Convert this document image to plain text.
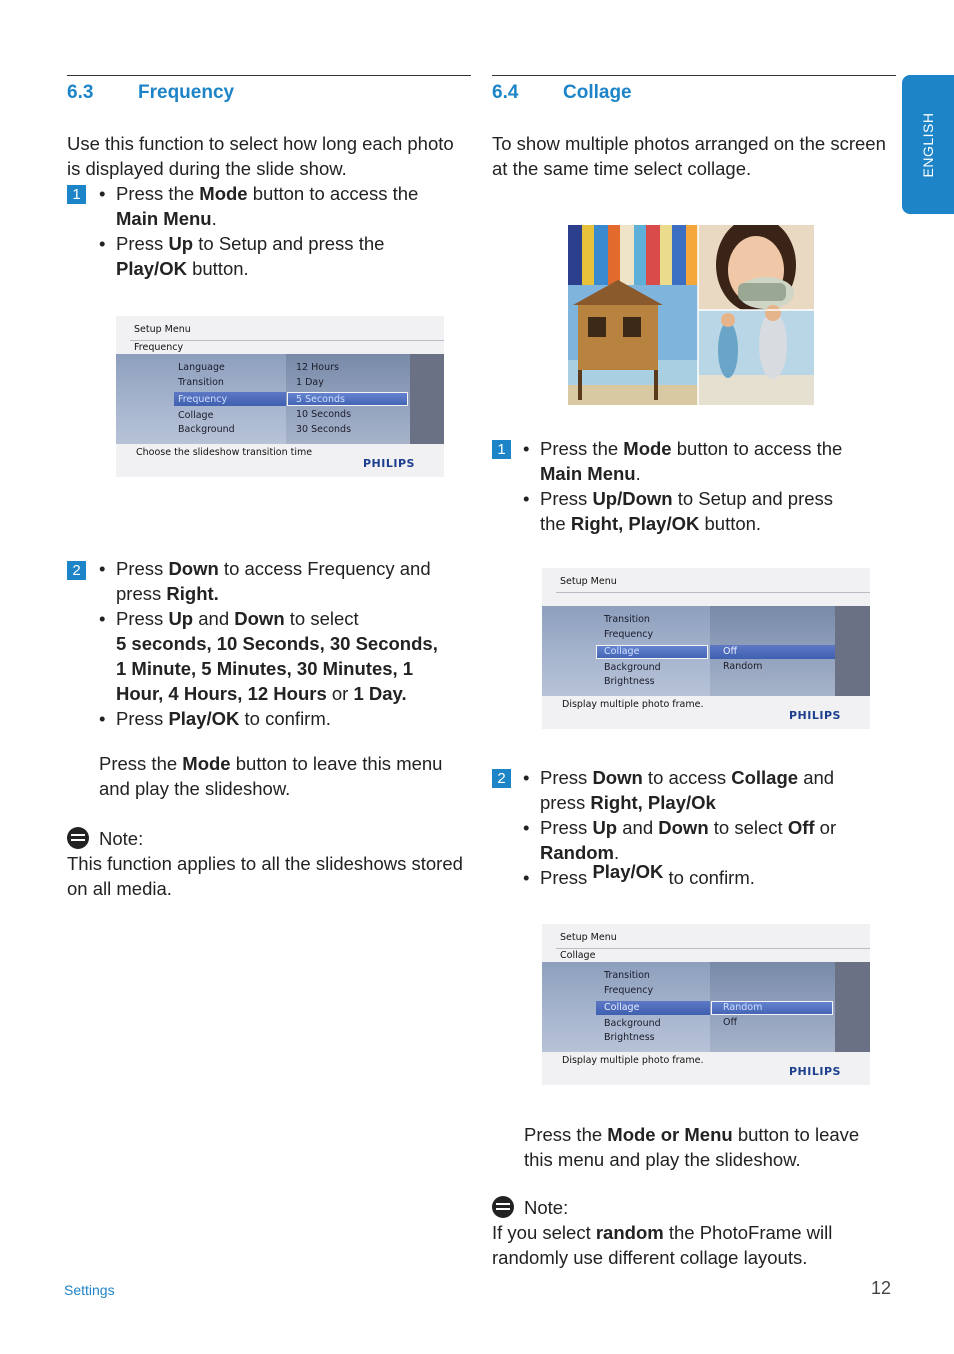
ENGLISH
6.3 Frequency
Use this function to select how long each photo
is displayed during the slide show.
1 • Press the Mode button to access the
Main Menu.
• Press Up to Setup and press the
Play/OK button.
Setup Menu
Frequency
Language
Transition
Frequency
Collage
Background
12 Hours
1 Day
5 Seconds
10 Seconds
30 Seconds
Choose the slideshow transition time
PHILIPS
2 • Press Down to access Frequency and
press Right.
• Press Up and Down to select
5 seconds, 10 Seconds, 30 Seconds,
1 Minute, 5 Minutes, 30 Minutes, 1
Hour, 4 Hours, 12 Hours or 1 Day.
• Press Play/OK to confirm.
Press the Mode button to leave this menu
and play the slideshow.
Note:
This function applies to all the slideshows stored
on all media.
6.4 Collage
To show multiple photos arranged on the screen
at the same time select collage.
1 • Press the Mode button to access the
Main Menu.
• Press Up/Down to Setup and press
the Right, Play/OK button.
Setup Menu
Transition
Frequency
Collage
Background
Brightness
Off
Random
Display multiple photo frame.
PHILIPS
2 • Press Down to access Collage and
press Right, Play/Ok
• Press Up and Down to select Off or
Random.
• Press Play/OK to confirm.
Setup Menu
Collage
Transition
Frequency
Collage
Background
Brightness
Random
Off
Display multiple photo frame.
PHILIPS
Press the Mode or Menu button to leave
this menu and play the slideshow.
Note:
If you select random the PhotoFrame will
randomly use different collage layouts.
Settings	12
